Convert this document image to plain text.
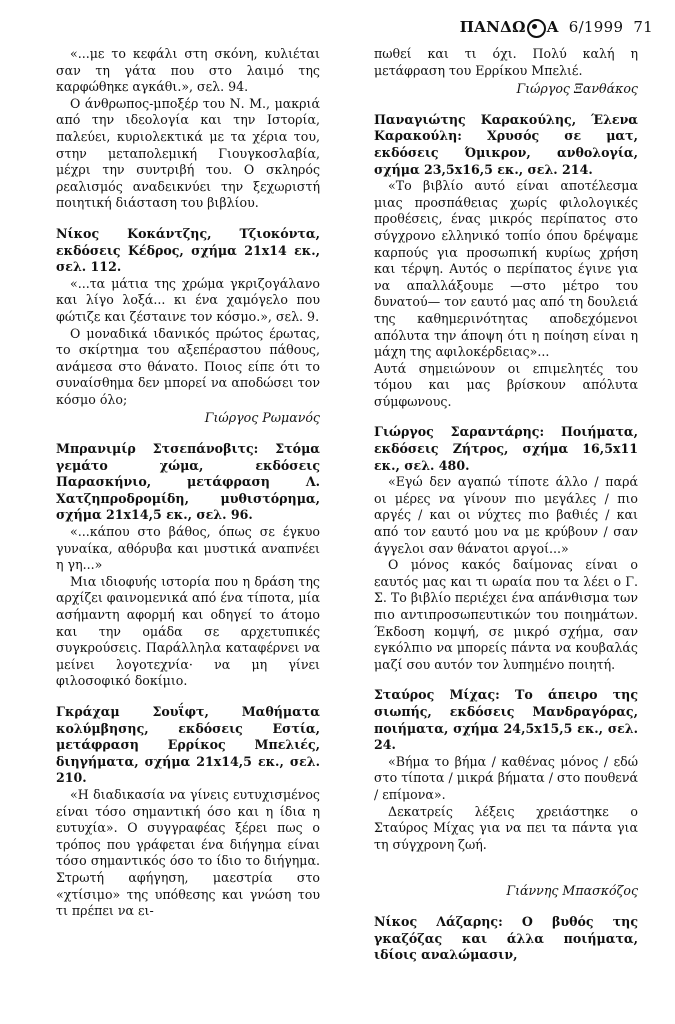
ΠΑΝΔΩ Α 6/1999 71

«...με το κεφάλι στη σκόνη, κυλιέται σαν τη γάτα που στο λαιμό της καρφώθηκε αγκάθι.», σελ. 94.

Ο άνθρωπος-μποξέρ του Ν. Μ., μακριά από την ιδεολογία και την Ιστορία, παλεύει, κυριολεκτικά με τα χέρια του, στην μεταπολεμική Γιουγκοσλαβία, μέχρι την συντριβή του. Ο σκληρός ρεαλισμός αναδεικνύει την ξεχωριστή ποιητική διάσταση του βιβλίου.

Νίκος Κοκάντζης, Τζιοκόντα, εκδόσεις Κέδρος, σχήμα 21x14 εκ., σελ. 112.

«...τα μάτια της χρώμα γκριζογάλανο και λίγο λοξά... κι ένα χαμόγελο που φώτιζε και ζέσταινε τον κόσμο.», σελ. 9.

Ο μοναδικά ιδανικός πρώτος έρωτας, το σκίρτημα του αξεπέραστου πάθους, ανάμεσα στο θάνατο. Ποιος είπε ότι το συναίσθημα δεν μπορεί να αποδώσει τον κόσμο όλο;

Γιώργος Ρωμανός

Μπρανιμίρ Στσεπάνοβιτς: Στόμα γεμάτο χώμα, εκδόσεις Παρασκήνιο, μετάφραση Λ. Χατζηπροδρομίδη, μυθιστόρημα, σχήμα 21x14,5 εκ., σελ. 96.

«...κάπου στο βάθος, όπως σε έγκυο γυναίκα, αθόρυβα και μυστικά αναπνέει η γη...»

Μια ιδιοφυής ιστορία που η δράση της αρχίζει φαινομενικά από ένα τίποτα, μία ασήμαντη αφορμή και οδηγεί το άτομο και την ομάδα σε αρχετυπικές συγκρούσεις. Παράλληλα καταφέρνει να μείνει λογοτεχνία· να μη γίνει φιλοσοφικό δοκίμιο.

Γκράχαμ Σουΐφτ, Μαθήματα κολύμβησης, εκδόσεις Εστία, μετάφραση Ερρίκος Μπελιές, διηγήματα, σχήμα 21x14,5 εκ., σελ. 210.

«Η διαδικασία να γίνεις ευτυχισμένος είναι τόσο σημαντική όσο και η ίδια η ευτυχία». Ο συγγραφέας ξέρει πως ο τρόπος που γράφεται ένα διήγημα είναι τόσο σημαντικός όσο το ίδιο το διήγημα. Στρωτή αφήγηση, μαεστρία στο «χτίσιμο» της υπόθεσης και γνώση του τι πρέπει να ει-

πωθεί και τι όχι. Πολύ καλή η μετάφραση του Ερρίκου Μπελιέ.

Γιώργος Ξανθάκος

Παναγιώτης Καρακούλης, Έλενα Καρακούλη: Χρυσός σε ματ, εκδόσεις Όμικρον, ανθολογία, σχήμα 23,5x16,5 εκ., σελ. 214.

«Το βιβλίο αυτό είναι αποτέλεσμα μιας προσπάθειας χωρίς φιλολογικές προθέσεις, ένας μικρός περίπατος στο σύγχρονο ελληνικό τοπίο όπου δρέψαμε καρπούς για προσωπική κυρίως χρήση και τέρψη. Αυτός ο περίπατος έγινε για να απαλλάξουμε —στο μέτρο του δυνατού— τον εαυτό μας από τη δουλειά της καθημερινότητας αποδεχόμενοι απόλυτα την άποψη ότι η ποίηση είναι η μάχη της αφιλοκέρδειας»...

Αυτά σημειώνουν οι επιμελητές του τόμου και μας βρίσκουν απόλυτα σύμφωνους.

Γιώργος Σαραντάρης: Ποιήματα, εκδόσεις Ζήτρος, σχήμα 16,5x11 εκ., σελ. 480.

«Εγώ δεν αγαπώ τίποτε άλλο / παρά οι μέρες να γίνουν πιο μεγάλες / πιο αργές / και οι νύχτες πιο βαθιές / και από τον εαυτό μου να με κρύβουν / σαν άγγελοι σαν θάνατοι αργοί...»

Ο μόνος κακός δαίμονας είναι ο εαυτός μας και τι ωραία που τα λέει ο Γ. Σ. Το βιβλίο περιέχει ένα απάνθισμα των πιο αντιπροσωπευτικών του ποιημάτων. Έκδοση κομψή, σε μικρό σχήμα, σαν εγκόλπιο να μπορείς πάντα να κουβαλάς μαζί σου αυτόν τον λυπημένο ποιητή.

Σταύρος Μίχας: Το άπειρο της σιωπής, εκδόσεις Μανδραγόρας, ποιήματα, σχήμα 24,5x15,5 εκ., σελ. 24.

«Βήμα το βήμα / καθένας μόνος / εδώ στο τίποτα / μικρά βήματα / στο πουθενά / επίμονα».

Δεκατρείς λέξεις χρειάστηκε ο Σταύρος Μίχας για να πει τα πάντα για τη σύγχρονη ζωή.

Γιάννης Μπασκόζος

Νίκος Λάζαρης: Ο βυθός της γκαζόζας και άλλα ποιήματα, ιδίοις αναλώμασιν,
